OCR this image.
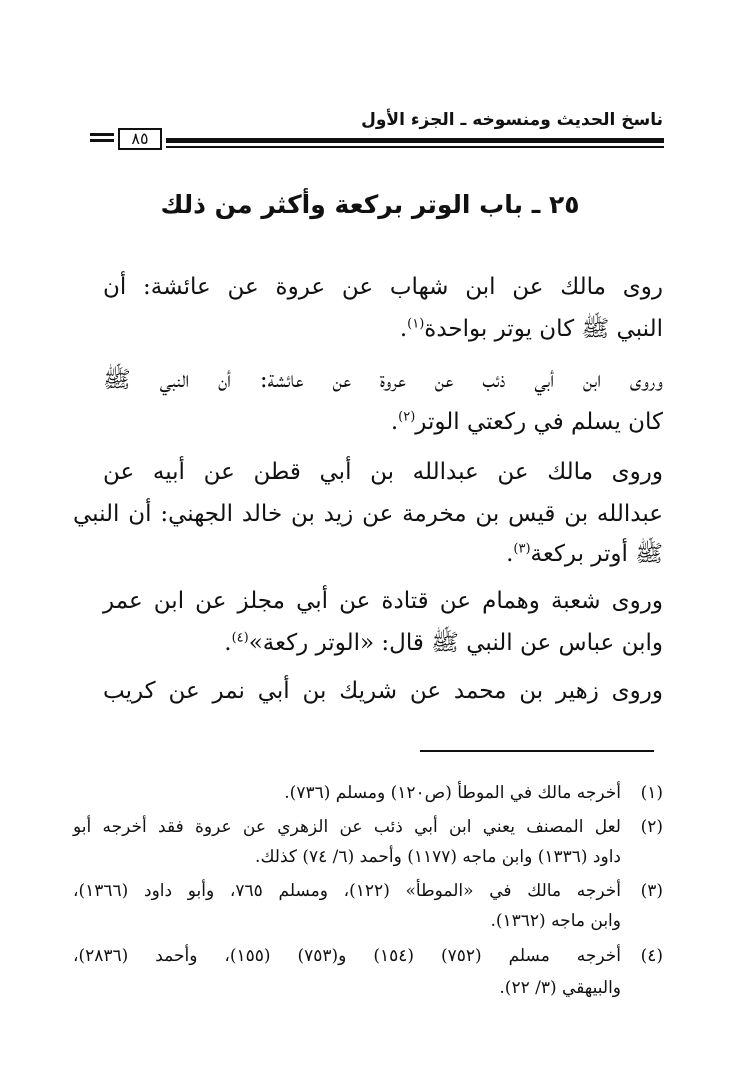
ناسخ الحديث ومنسوخه ـ الجزء الأول
٨٥
٢٥ ـ باب الوتر بركعة وأكثر من ذلك
روى مالك عن ابن شهاب عن عروة عن عائشة: أن
النبي ﷺ كان يوتر بواحدة$^{(١)}$.
وروى ابن أبي ذئب عن عروة عن عائشة: أن النبي ﷺ
كان يسلم في ركعتي الوتر$^{(٢)}$.
وروى مالك عن عبدالله بن أبي قطن عن أبيه عن
عبدالله بن قيس بن مخرمة عن زيد بن خالد الجهني: أن النبي
ﷺ أوتر بركعة$^{(٣)}$.
وروى شعبة وهمام عن قتادة عن أبي مجلز عن ابن عمر
وابن عباس عن النبي ﷺ قال: «الوتر ركعة»$^{(٤)}$.
وروى زهير بن محمد عن شريك بن أبي نمر عن كريب
(١)
أخرجه مالك في الموطأ (ص١٢٠) ومسلم (٧٣٦).
(٢)
لعل المصنف يعني ابن أبي ذئب عن الزهري عن عروة فقد أخرجه أبو
داود (١٣٣٦) وابن ماجه (١١٧٧) وأحمد (٦/ ٧٤) كذلك.
(٣)
أخرجه مالك في «الموطأ» (١٢٢)، ومسلم ٧٦٥، وأبو داود (١٣٦٦)،
وابن ماجه (١٣٦٢).
(٤)
أخرجه مسلم (٧٥٢) (١٥٤) و(٧٥٣) (١٥٥)، وأحمد (٢٨٣٦)،
والبيهقي (٣/ ٢٢).
